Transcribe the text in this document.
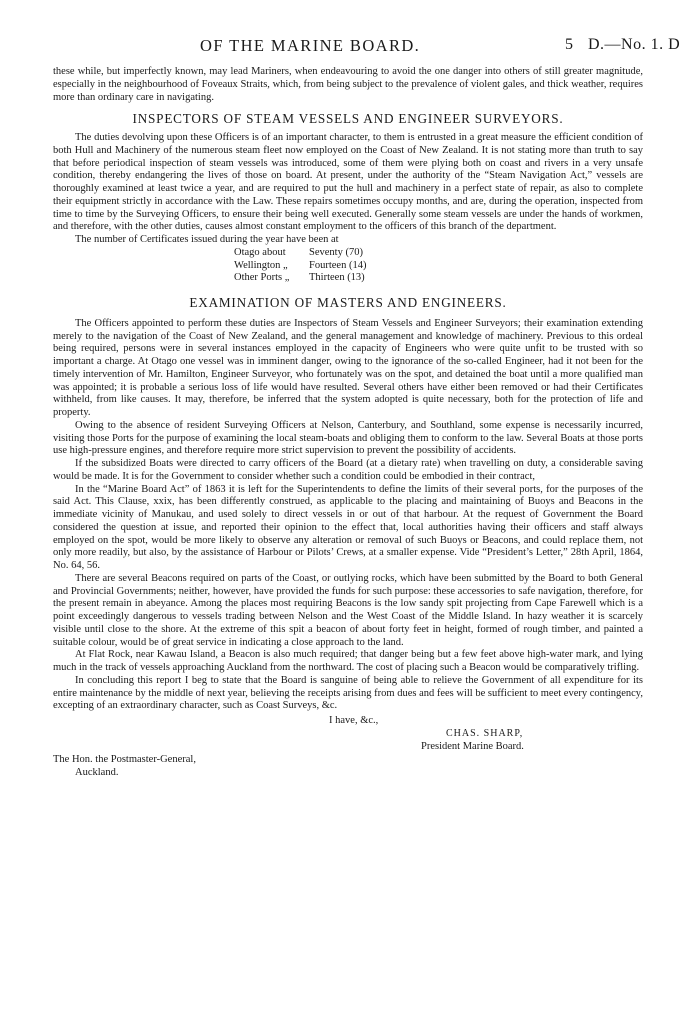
OF THE MARINE BOARD.	5 D.—No. 1. D

these while, but imperfectly known, may lead Mariners, when endeavouring to avoid the one danger into others of still greater magnitude, especially in the neighbourhood of Foveaux Straits, which, from being subject to the prevalence of violent gales, and thick weather, requires more than ordinary care in navigating.

INSPECTORS OF STEAM VESSELS AND ENGINEER SURVEYORS.

The duties devolving upon these Officers is of an important character, to them is entrusted in a great measure the efficient condition of both Hull and Machinery of the numerous steam fleet now employed on the Coast of New Zealand. It is not stating more than truth to say that before periodical inspection of steam vessels was introduced, some of them were plying both on coast and rivers in a very unsafe condition, thereby endangering the lives of those on board. At present, under the authority of the “Steam Navigation Act,” vessels are thoroughly examined at least twice a year, and are required to put the hull and machinery in a perfect state of repair, as also to complete their equipment strictly in accordance with the Law. These repairs sometimes occupy months, and are, during the operation, inspected from time to time by the Surveying Officers, to ensure their being well executed. Generally some steam vessels are under the hands of workmen, and therefore, with the other duties, causes almost constant employment to the officers of this branch of the department.

The number of Certificates issued during the year have been at

Otago about	Seventy (70)
Wellington „	Fourteen (14)
Other Ports „	Thirteen (13)
EXAMINATION OF MASTERS AND ENGINEERS.

The Officers appointed to perform these duties are Inspectors of Steam Vessels and Engineer Surveyors; their examination extending merely to the navigation of the Coast of New Zealand, and the general management and knowledge of machinery. Previous to this ordeal being required, persons were in several instances employed in the capacity of Engineers who were quite unfit to be trusted with so important a charge. At Otago one vessel was in imminent danger, owing to the ignorance of the so-called Engineer, had it not been for the timely intervention of Mr. Hamilton, Engineer Surveyor, who fortunately was on the spot, and detained the boat until a more qualified man was appointed; it is probable a serious loss of life would have resulted. Several others have either been removed or had their Certificates withheld, from like causes. It may, therefore, be inferred that the system adopted is quite necessary, both for the protection of life and property.

Owing to the absence of resident Surveying Officers at Nelson, Canterbury, and Southland, some expense is necessarily incurred, visiting those Ports for the purpose of examining the local steam-boats and obliging them to conform to the law. Several Boats at those ports use high-pressure engines, and therefore require more strict supervision to prevent the possibility of accidents.

If the subsidized Boats were directed to carry officers of the Board (at a dietary rate) when travelling on duty, a considerable saving would be made. It is for the Government to consider whether such a condition could be embodied in their contract,

In the “Marine Board Act” of 1863 it is left for the Superintendents to define the limits of their several ports, for the purposes of the said Act. This Clause, xxix, has been differently construed, as applicable to the placing and maintaining of Buoys and Beacons in the immediate vicinity of Manukau, and used solely to direct vessels in or out of that harbour. At the request of Government the Board considered the question at issue, and reported their opinion to the effect that, local authorities having their officers and staff always employed on the spot, would be more likely to observe any alteration or removal of such Buoys or Beacons, and could replace them, not only more readily, but also, by the assistance of Harbour or Pilots’ Crews, at a smaller expense. Vide “President’s Letter,” 28th April, 1864, No. 64, 56.

There are several Beacons required on parts of the Coast, or outlying rocks, which have been submitted by the Board to both General and Provincial Governments; neither, however, have provided the funds for such purpose: these accessories to safe navigation, therefore, for the present remain in abeyance. Among the places most requiring Beacons is the low sandy spit projecting from Cape Farewell which is a point exceedingly dangerous to vessels trading between Nelson and the West Coast of the Middle Island. In hazy weather it is scarcely visible until close to the shore. At the extreme of this spit a beacon of about forty feet in height, formed of rough timber, and painted a suitable colour, would be of great service in indicating a close approach to the land.

At Flat Rock, near Kawau Island, a Beacon is also much required; that danger being but a few feet above high-water mark, and lying much in the track of vessels approaching Auckland from the northward. The cost of placing such a Beacon would be comparatively trifling.

In concluding this report I beg to state that the Board is sanguine of being able to relieve the Government of all expenditure for its entire maintenance by the middle of next year, believing the receipts arising from dues and fees will be sufficient to meet every contingency, excepting of an extraordinary character, such as Coast Surveys, &c.

I have, &c.,
CHAS. SHARP,
President Marine Board.
The Hon. the Postmaster-General,
Auckland.
